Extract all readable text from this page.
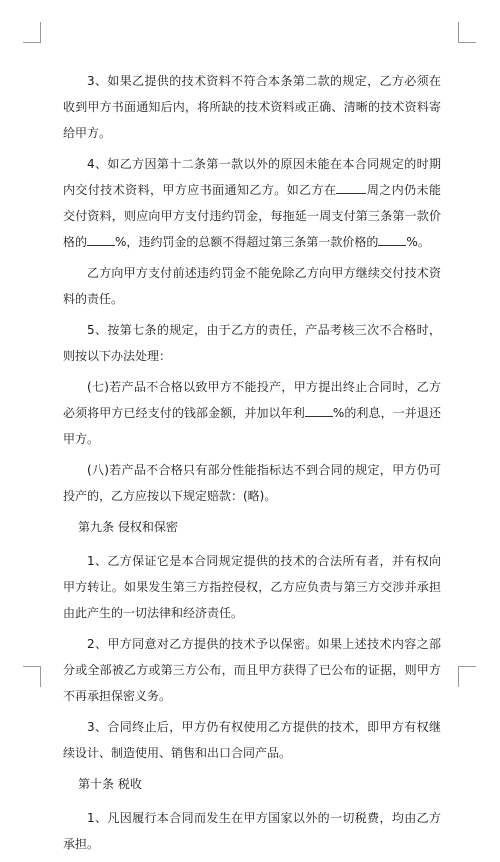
3、如果乙提供的技术资料不符合本条第二款的规定，乙方必须在收到甲方书面通知后内，将所缺的技术资料或正确、清晰的技术资料寄给甲方。

4、如乙方因第十二条第一款以外的原因未能在本合同规定的时期内交付技术资料，甲方应书面通知乙方。如乙方在	周之内仍未能交付资料，则应向甲方支付违约罚金，每拖延一周支付第三条第一款价格的 %，违约罚金的总额不得超过第三条第一款价格的 %。

乙方向甲方支付前述违约罚金不能免除乙方向甲方继续交付技术资料的责任。

5、按第七条的规定，由于乙方的责任，产品考核三次不合格时，则按以下办法处理：

(七)若产品不合格以致甲方不能投产，甲方提出终止合同时，乙方必须将甲方已经支付的钱部金额，并加以年利 %的利息，一并退还甲方。

(八)若产品不合格只有部分性能指标达不到合同的规定，甲方仍可投产的，乙方应按以下规定赔款：(略)。

第九条 侵权和保密

1、乙方保证它是本合同规定提供的技术的合法所有者，并有权向甲方转让。如果发生第三方指控侵权，乙方应负责与第三方交涉并承担由此产生的一切法律和经济责任。

2、甲方同意对乙方提供的技术予以保密。如果上述技术内容之部分或全部被乙方或第三方公布，而且甲方获得了已公布的证据，则甲方不再承担保密义务。

3、合同终止后，甲方仍有权使用乙方提供的技术，即甲方有权继续设计、制造使用、销售和出口合同产品。

第十条 税收

1、凡因履行本合同而发生在甲方国家以外的一切税费，均由乙方承担。
